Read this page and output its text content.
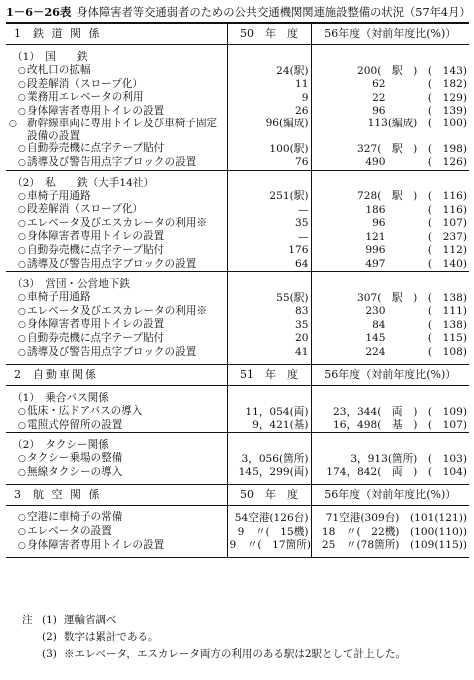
1－6－26表 身体障害者等交通弱者のための公共交通機関関連施設整備の状況（57年4月）
1 鉄 道 関 係	50　年　度	56年度（対前年度比(%)）

（1）　国　　鉄		
○改札口の拡幅	24(駅)	200(　駅　)　(　143)
○段差解消（スロープ化）	11	62　　　　(　182)
○業務用エレベータの利用	9	22　　　　(　129)
○身体障害者専用トイレの設置	26	96　　　　(　139)
○ 新幹線車両に専用トイレ及び車椅子固定設備の設置	96(編成)	113(編成)　(　100)
○自動券売機に点字テープ貼付	100(駅)	327(　駅　)　(　198)
○誘導及び警告用点字ブロックの設置	76	490　　　　(　126)

（2）　私　　鉄（大手14社）		
○車椅子用通路	251(駅)	728(　駅　)　(　116)
○段差解消（スロープ化）	—	186　　　　(　116)
○エレベータ及びエスカレータの利用※	35	96　　　　(　107)
○身体障害者専用トイレの設置	—	121　　　　(　237)
○自動券売機に点字テープ貼付	176	996　　　　(　112)
○誘導及び警告用点字ブロックの設置	64	497　　　　(　140)

（3）　営団・公営地下鉄		
○車椅子用通路	55(駅)	307(　駅　)　(　138)
○エレベータ及びエスカレータの利用※	83	230　　　　(　111)
○身体障害者専用トイレの設置	35	84　　　　(　138)
○自動券売機に点字テープ貼付	20	145　　　　(　115)
○誘導及び警告用点字ブロックの設置	41	224　　　　(　108)

2 自動車関係	51　年　度	56年度（対前年度比(%)）

（1）　乗合バス関係		
○低床・広ドアバスの導入	11，054(両)	23，344(　両　)　(　109)
○電照式停留所の設置	9，421(基)	16，498(　基　)　(　107)

（2）　タクシー関係		
○タクシー乗場の整備	3，056(箇所)	3，913(箇所)　(　103)
○無線タクシーの導入	145，299(両)	174，842(　両　)　(　104)

3 航 空 関 係	50　年　度	56年度（対前年度比(%)）

○空港に車椅子の常備	54空港(126台)	71空港(309台)　(101(121))
○エレベータの設置	9　〃(　15機)	18　〃(　22機)　(100(110))
○身体障害者専用トイレの設置	9　〃(　17箇所)	25　〃(78箇所)　(109(115))

注 (1) 運輸省調べ
(2) 数字は累計である。
(3) ※エレベータ，エスカレータ両方の利用のある駅は2駅として計上した。
